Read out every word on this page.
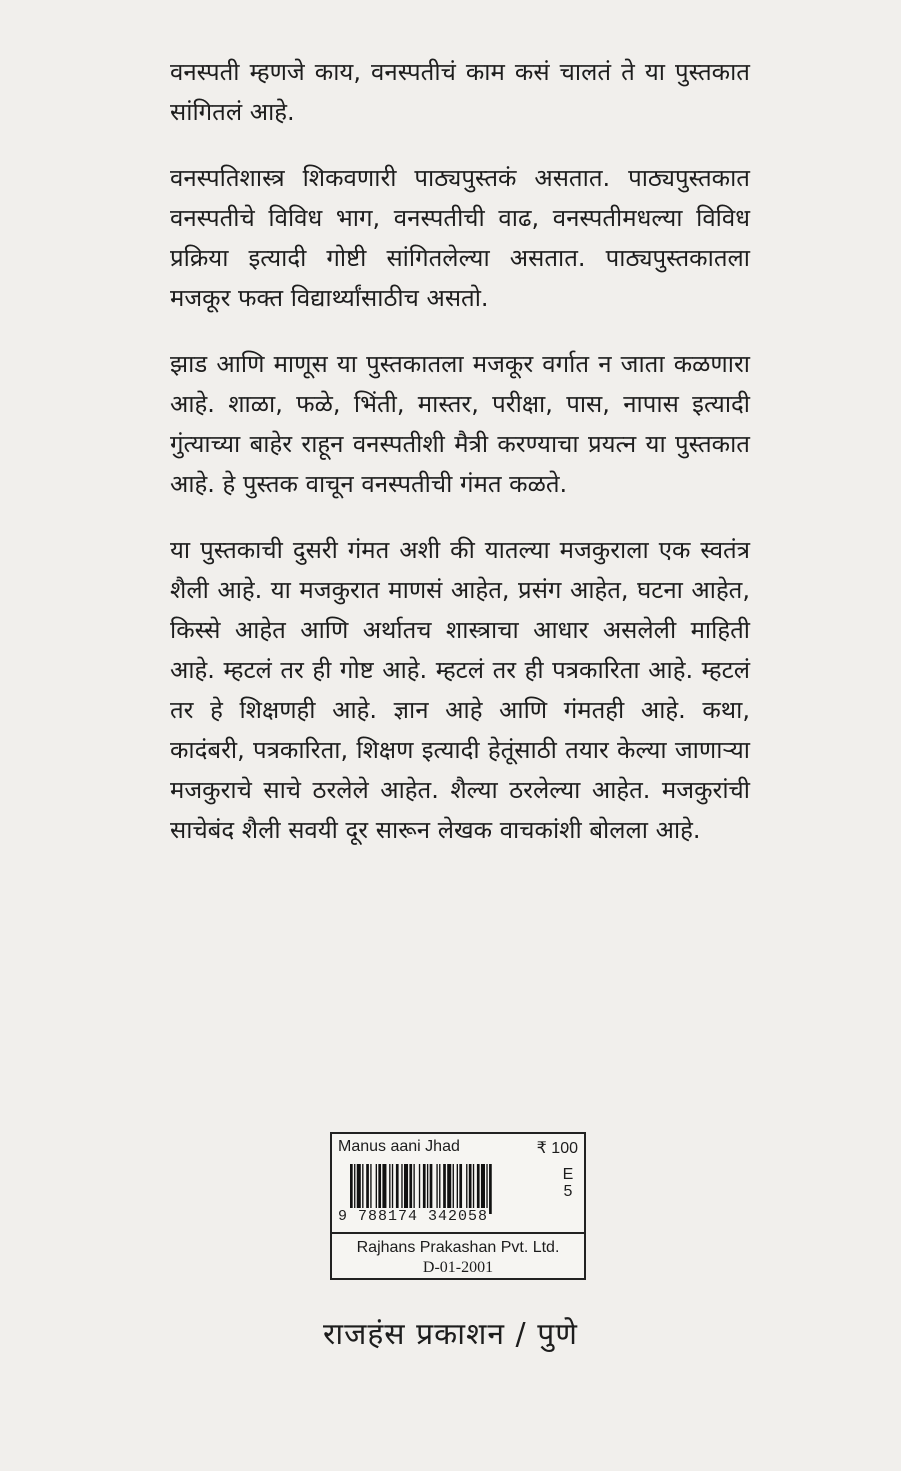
वनस्पती म्हणजे काय, वनस्पतीचं काम कसं चालतं ते या पुस्तकात सांगितलं आहे.

वनस्पतिशास्त्र शिकवणारी पाठ्यपुस्तकं असतात. पाठ्यपुस्तकात वनस्पतीचे विविध भाग, वनस्पतीची वाढ, वनस्पतीमधल्या विविध प्रक्रिया इत्यादी गोष्टी सांगितलेल्या असतात. पाठ्यपुस्तकातला मजकूर फक्त विद्यार्थ्यांसाठीच असतो.

झाड आणि माणूस या पुस्तकातला मजकूर वर्गात न जाता कळणारा आहे. शाळा, फळे, भिंती, मास्तर, परीक्षा, पास, नापास इत्यादी गुंत्याच्या बाहेर राहून वनस्पतीशी मैत्री करण्याचा प्रयत्न या पुस्तकात आहे. हे पुस्तक वाचून वनस्पतीची गंमत कळते.

या पुस्तकाची दुसरी गंमत अशी की यातल्या मजकुराला एक स्वतंत्र शैली आहे. या मजकुरात माणसं आहेत, प्रसंग आहेत, घटना आहेत, किस्से आहेत आणि अर्थातच शास्त्राचा आधार असलेली माहिती आहे. म्हटलं तर ही गोष्ट आहे. म्हटलं तर ही पत्रकारिता आहे. म्हटलं तर हे शिक्षणही आहे. ज्ञान आहे आणि गंमतही आहे. कथा, कादंबरी, पत्रकारिता, शिक्षण इत्यादी हेतूंसाठी तयार केल्या जाणाऱ्या मजकुराचे साचे ठरलेले आहेत. शैल्या ठरलेल्या आहेत. मजकुरांची साचेबंद शैली सवयी दूर सारून लेखक वाचकांशी बोलला आहे.

Manus aani Jhad	₹ 100
9 788174 342058
E
5
Rajhans Prakashan Pvt. Ltd.
D-01-2001
राजहंस प्रकाशन / पुणे
